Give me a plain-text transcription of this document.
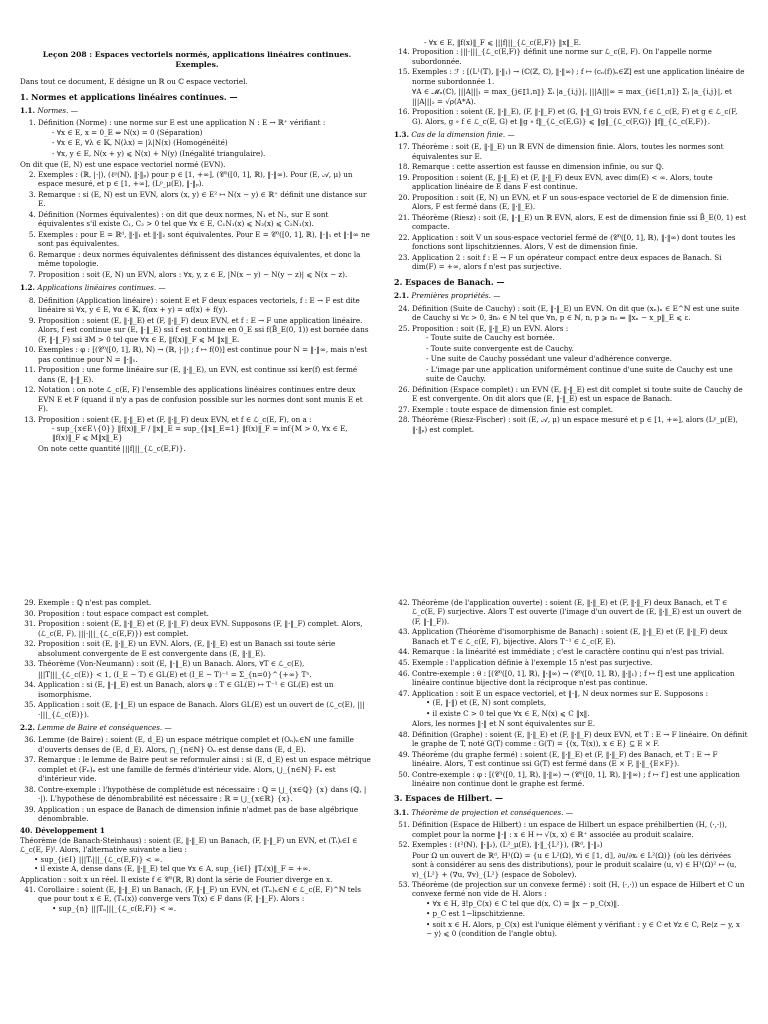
Leçon 208 : Espaces vectoriels normés, applications linéaires continues. Exemples.
Dans tout ce document, E désigne un ℝ ou ℂ espace vectoriel.
1. Normes et applications linéaires continues. —
1.1. Normes. —
1. Définition (Norme) : une norme sur E est une application N : E → ℝ⁺ vérifiant :
- ∀x ∈ E, x = 0_E ⇔ N(x) = 0 (Séparation)
- ∀x ∈ E, ∀λ ∈ 𝕂, N(λx) = |λ|N(x) (Homogénéité)
- ∀x, y ∈ E, N(x + y) ⩽ N(x) + N(y) (Inégalité triangulaire).
On dit que (E, N) est une espace vectoriel normé (EVN).
2. Exemples : (ℝ, |·|), (ℓᵖ(ℕ), ‖·‖ₚ) pour p ∈ [1, +∞], (𝒞⁰([0, 1], ℝ), ‖·‖∞). Pour (E, 𝒜, μ) un espace mesuré, et p ∈ [1, +∞], (Lᵖ_μ(E), ‖·‖ₚ).
3. Remarque : si (E, N) est un EVN, alors (x, y) ∈ E² ↦ N(x − y) ∈ ℝ⁺ définit une distance sur E.
4. Définition (Normes équivalentes) : on dit que deux normes, N₁ et N₂, sur E sont équivalentes s'il existe C₁, C₂ > 0 tel que ∀x ∈ E, C₁N₁(x) ⩽ N₂(x) ⩽ C₂N₁(x).
5. Exemples : pour E = ℝᵈ, ‖·‖₁ et ‖·‖₂ sont équivalentes. Pour E = 𝒞⁰([0, 1], ℝ), ‖·‖₁ et ‖·‖∞ ne sont pas équivalentes.
6. Remarque : deux normes équivalentes définissent des distances équivalentes, et donc la même topologie.
7. Proposition : soit (E, N) un EVN, alors : ∀x, y, z ∈ E, |N(x − y) − N(y − z)| ⩽ N(x − z).
1.2. Applications linéaires continues. —
8. Définition (Application linéaire) : soient E et F deux espaces vectoriels, f : E → F est dite linéaire si ∀x, y ∈ E, ∀α ∈ 𝕂, f(αx + y) = αf(x) + f(y).
9. Proposition : soient (E, ‖·‖_E) et (F, ‖·‖_F) deux EVN, et f : E → F une application linéaire. Alors, f est continue sur (E, ‖·‖_E) ssi f est continue en 0_E ssi f(B̄_E(0, 1)) est bornée dans (F, ‖·‖_F) ssi ∃M > 0 tel que ∀x ∈ E, ‖f(x)‖_F ⩽ M ‖x‖_E.
10. Exemples : φ : [(𝒞⁰([0, 1], ℝ), N) → (ℝ, |·|) ; f ↦ f(0)] est continue pour N = ‖·‖∞, mais n'est pas continue pour N = ‖·‖₁.
11. Proposition : une forme linéaire sur (E, ‖·‖_E), un EVN, est continue ssi ker(f) est fermé dans (E, ‖·‖_E).
12. Notation : on note ℒ_c(E, F) l'ensemble des applications linéaires continues entre deux EVN E et F (quand il n'y a pas de confusion possible sur les normes dont sont munis E et F).
13. Proposition : soient (E, ‖·‖_E) et (F, ‖·‖_F) deux EVN, et f ∈ ℒ_c(E, F), on a :
- sup_{x∈E∖{0}} ‖f(x)‖_F / ‖x‖_E = sup_{‖x‖_E=1} ‖f(x)‖_F = inf{M > 0, ∀x ∈ E, ‖f(x)‖_F ⩽ M‖x‖_E}
On note cette quantité |||f|||_{ℒ_c(E,F)}.
- ∀x ∈ E, ‖f(x)‖_F ⩽ |||f|||_{ℒ_c(E,F)} ‖x‖_E.
14. Proposition : |||·|||_{ℒ_c(E,F)} définit une norme sur ℒ_c(E, F). On l'appelle norme subordonnée.
15. Exemples : ℱ : [(L¹(𝕋), ‖·‖₁) → (ℂ(ℤ, ℂ), ‖·‖∞) ; f ↦ (cₙ(f))ₙ∈ℤ] est une application linéaire de norme subordonnée 1.
∀A ∈ 𝓜ₙ(ℂ), |||A|||₁ = max_{j∈⟦1,n⟧} Σᵢ |a_{i,j}|, |||A|||∞ = max_{i∈⟦1,n⟧} Σⱼ |a_{i,j}|, et |||A|||₂ = √ρ(A*A).
16. Proposition : soient (E, ‖·‖_E), (F, ‖·‖_F) et (G, ‖·‖_G) trois EVN, f ∈ ℒ_c(E, F) et g ∈ ℒ_c(F, G). Alors, g ∘ f ∈ ℒ_c(E, G) et ‖g ∘ f‖_{ℒ_c(E,G)} ⩽ ‖g‖_{ℒ_c(F,G)} ‖f‖_{ℒ_c(E,F)}.
1.3. Cas de la dimension finie. —
17. Théorème : soit (E, ‖·‖_E) un ℝ EVN de dimension finie. Alors, toutes les normes sont équivalentes sur E.
18. Remarque : cette assertion est fausse en dimension infinie, ou sur ℚ.
19. Proposition : soient (E, ‖·‖_E) et (F, ‖·‖_F) deux EVN, avec dim(E) < ∞. Alors, toute application linéaire de E dans F est continue.
20. Proposition : soit (E, N) un EVN, et F un sous-espace vectoriel de E de dimension finie. Alors, F est fermé dans (E, ‖·‖_E).
21. Théorème (Riesz) : soit (E, ‖·‖_E) un ℝ EVN, alors, E est de dimension finie ssi B̄_E(0, 1) est compacte.
22. Application : soit V un sous-espace vectoriel fermé de (𝒞⁰([0, 1], ℝ), ‖·‖∞) dont toutes les fonctions sont lipschitziennes. Alors, V est de dimension finie.
23. Application 2 : soit f : E → F un opérateur compact entre deux espaces de Banach. Si dim(F) = +∞, alors f n'est pas surjective.
2. Espaces de Banach. —
2.1. Premières propriétés. —
24. Définition (Suite de Cauchy) : soit (E, ‖·‖_E) un EVN. On dit que (xₙ)ₙ ∈ E^ℕ est une suite de Cauchy si ∀ε > 0, ∃n₀ ∈ ℕ tel que ∀n, p ∈ ℕ, n, p ⩾ n₀ ⇒ ‖xₙ − x_p‖_E ⩽ ε.
25. Proposition : soit (E, ‖·‖_E) un EVN. Alors :
- Toute suite de Cauchy est bornée.
- Toute suite convergente est de Cauchy.
- Une suite de Cauchy possédant une valeur d'adhérence converge.
- L'image par une application uniformément continue d'une suite de Cauchy est une suite de Cauchy.
26. Définition (Espace complet) : un EVN (E, ‖·‖_E) est dit complet si toute suite de Cauchy de E est convergente. On dit alors que (E, ‖·‖_E) est un espace de Banach.
27. Exemple : toute espace de dimension finie est complet.
28. Théorème (Riesz-Fischer) : soit (E, 𝒜, μ) un espace mesuré et p ∈ [1, +∞], alors (Lᵖ_μ(E), ‖·‖ₚ) est complet.
29. Exemple : ℚ n'est pas complet.
30. Proposition : tout espace compact est complet.
31. Proposition : soient (E, ‖·‖_E) et (F, ‖·‖_F) deux EVN. Supposons (F, ‖·‖_F) complet. Alors, (ℒ_c(E, F), |||·|||_{ℒ_c(E,F)}) est complet.
32. Proposition : soit (E, ‖·‖_E) un EVN. Alors, (E, ‖·‖_E) est un Banach ssi toute série absolument convergente de E est convergente dans (E, ‖·‖_E).
33. Théorème (Von-Neumann) : soit (E, ‖·‖_E) un Banach. Alors, ∀T ∈ ℒ_c(E),
|||T|||_{ℒ_c(E)} < 1, (I_E − T) ∈ GL(E) et (I_E − T)⁻¹ = Σ_{n=0}^{+∞} Tⁿ.
34. Application : si (E, ‖·‖_E) est un Banach, alors φ : T ∈ GL(E) ↦ T⁻¹ ∈ GL(E) est un isomorphisme.
35. Application : soit (E, ‖·‖_E) un espace de Banach. Alors GL(E) est un ouvert de (ℒ_c(E), |||·|||_{ℒ_c(E)}).
2.2. Lemme de Baire et conséquences. —
36. Lemme (de Baire) : soient (E, d_E) un espace métrique complet et (Oₙ)ₙ∈ℕ une famille d'ouverts denses de (E, d_E). Alors, ⋂_{n∈ℕ} Oₙ est dense dans (E, d_E).
37. Remarque : le lemme de Baire peut se reformuler ainsi : si (E, d_E) est un espace métrique complet et (Fₙ)ₙ est une famille de fermés d'intérieur vide. Alors, ⋃_{n∈ℕ} Fₙ est d'intérieur vide.
38. Contre-exemple : l'hypothèse de complétude est nécessaire : ℚ = ⋃_{x∈ℚ} {x} dans (ℚ, |·|). L'hypothèse de dénombrabilité est nécessaire : ℝ = ⋃_{x∈ℝ} {x}.
39. Application : un espace de Banach de dimension infinie n'admet pas de base algébrique dénombrable.
40. Développement 1
Théorème (de Banach-Steinhaus) : soient (E, ‖·‖_E) un Banach, (F, ‖·‖_F) un EVN, et (Tᵢ)ᵢ∈I ∈ ℒ_c(E, F)ᴵ. Alors, l'alternative suivante a lieu :
• sup_{i∈I} |||Tᵢ|||_{ℒ_c(E,F)} < ∞.
• il existe A, dense dans (E, ‖·‖_E) tel que ∀x ∈ A, sup_{i∈I} ‖Tᵢ(x)‖_F = +∞.
Application : soit x un réel. Il existe f ∈ 𝒞⁰(ℝ, ℝ) dont la série de Fourier diverge en x.
41. Corollaire : soient (E, ‖·‖_E) un Banach, (F, ‖·‖_F) un EVN, et (Tₙ)ₙ∈ℕ ∈ ℒ_c(E, F)^ℕ tels que pour tout x ∈ E, (Tₙ(x)) converge vers T(x) ∈ F dans (F, ‖·‖_F). Alors :
• sup_{n} |||Tₙ|||_{ℒ_c(E,F)} < ∞.
42. Théorème (de l'application ouverte) : soient (E, ‖·‖_E) et (F, ‖·‖_F) deux Banach, et T ∈ ℒ_c(E, F) surjective. Alors T est ouverte (l'image d'un ouvert de (E, ‖·‖_E) est un ouvert de (F, ‖·‖_F)).
43. Application (Théorème d'isomorphisme de Banach) : soient (E, ‖·‖_E) et (F, ‖·‖_F) deux Banach et T ∈ ℒ_c(E, F), bijective. Alors T⁻¹ ∈ ℒ_c(F, E).
44. Remarque : la linéarité est immédiate ; c'est le caractère continu qui n'est pas trivial.
45. Exemple : l'application définie à l'exemple 15 n'est pas surjective.
46. Contre-exemple : θ : [(𝒞⁰([0, 1], ℝ), ‖·‖∞) → (𝒞⁰([0, 1], ℝ), ‖·‖₁) ; f ↦ f] est une application linéaire continue bijective dont la réciproque n'est pas continue.
47. Application : soit E un espace vectoriel, et ‖·‖, N deux normes sur E. Supposons :
• (E, ‖·‖) et (E, N) sont complets,
• il existe C > 0 tel que ∀x ∈ E, N(x) ⩽ C ‖x‖.
Alors, les normes ‖·‖ et N sont équivalentes sur E.
48. Définition (Graphe) : soient (E, ‖·‖_E) et (F, ‖·‖_F) deux EVN, et T : E → F linéaire. On définit le graphe de T, noté G(T) comme : G(T) = {(x, T(x)), x ∈ E} ⊆ E × F.
49. Théorème (du graphe fermé) : soient (E, ‖·‖_E) et (F, ‖·‖_F) des Banach, et T : E → F linéaire. Alors, T est continue ssi G(T) est fermé dans (E × F, ‖·‖_{E×F}).
50. Contre-exemple : φ : [(𝒞¹([0, 1], ℝ), ‖·‖∞) → (𝒞⁰([0, 1], ℝ), ‖·‖∞) ; f ↦ f′] est une application linéaire non continue dont le graphe est fermé.
3. Espaces de Hilbert. —
3.1. Théorème de projection et conséquences. —
51. Définition (Espace de Hilbert) : un espace de Hilbert un espace préhilbertien (H, ⟨·,·⟩), complet pour la norme ‖·‖ : x ∈ H ↦ √⟨x, x⟩ ∈ ℝ⁺ associée au produit scalaire.
52. Exemples : (ℓ²(ℕ), ‖·‖₂), (L²_μ(E), ‖·‖_{L²}), (ℝᵈ, ‖·‖₂)
Pour Ω un ouvert de ℝᵈ, H¹(Ω) = {u ∈ L²(Ω), ∀i ∈ ⟦1, d⟧, ∂u/∂xᵢ ∈ L²(Ω)} (où les dérivées sont à considérer au sens des distributions), pour le produit scalaire (u, v) ∈ H¹(Ω)² ↦ (u, v)_{L²} + (∇u, ∇v)_{L²} (espace de Sobolev).
53. Théorème (de projection sur un convexe fermé) : soit (H, ⟨·,·⟩) un espace de Hilbert et C un convexe fermé non vide de H. Alors :
• ∀x ∈ H, ∃!p_C(x) ∈ C tel que d(x, C) = ‖x − p_C(x)‖.
• p_C est 1−lipschitzienne.
• soit x ∈ H. Alors, p_C(x) est l'unique élément y vérifiant : y ∈ C et ∀z ∈ C, Re⟨z − y, x − y⟩ ⩽ 0 (condition de l'angle obtu).
